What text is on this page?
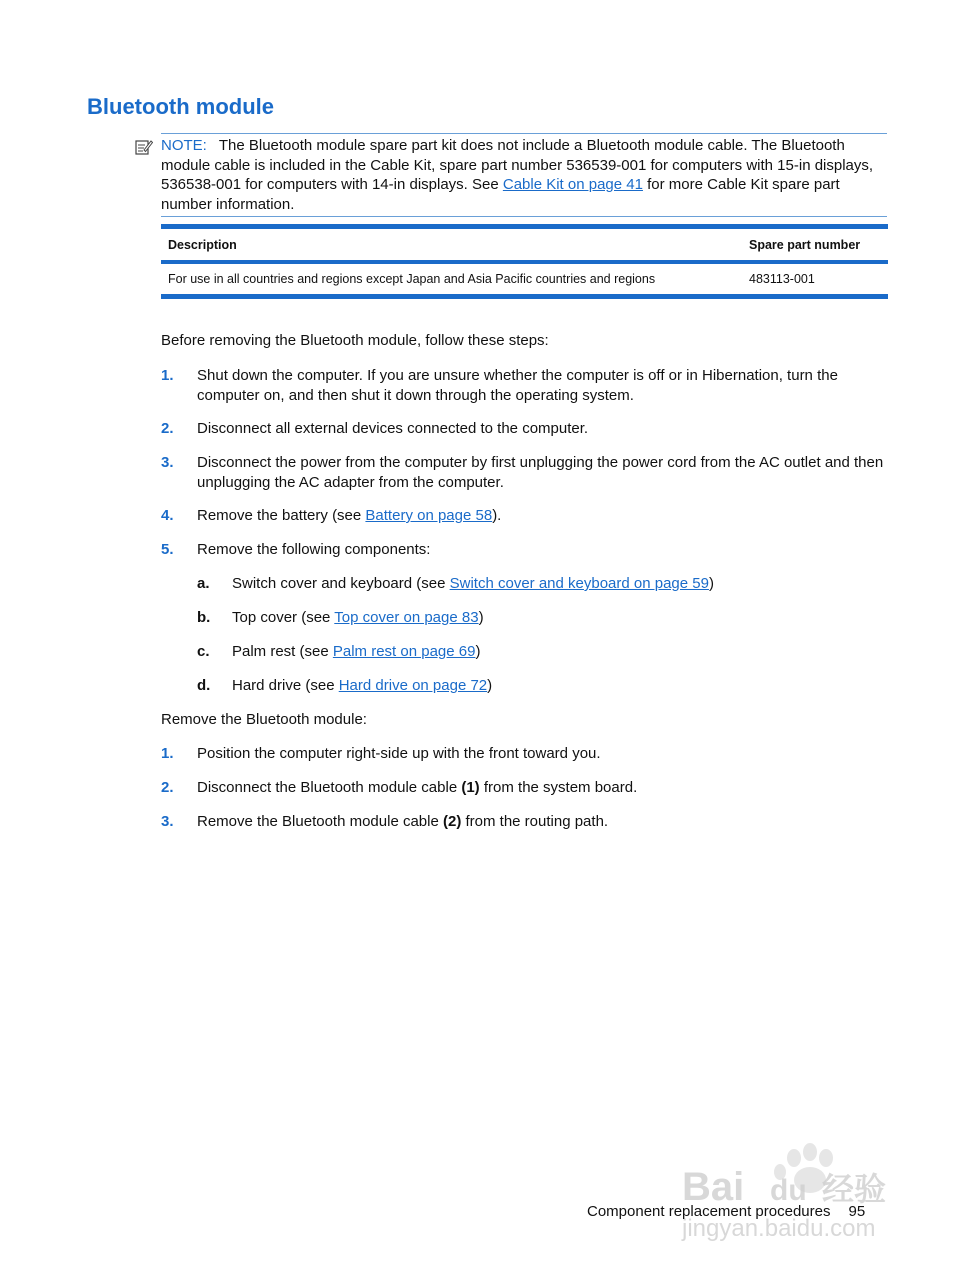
Bluetooth module
NOTE: The Bluetooth module spare part kit does not include a Bluetooth module cable. The Bluetooth module cable is included in the Cable Kit, spare part number 536539-001 for computers with 15-in displays, 536538-001 for computers with 14-in displays. See Cable Kit on page 41 for more Cable Kit spare part number information.
Description	Spare part number
For use in all countries and regions except Japan and Asia Pacific countries and regions	483113-001

Before removing the Bluetooth module, follow these steps:

1. Shut down the computer. If you are unsure whether the computer is off or in Hibernation, turn the computer on, and then shut it down through the operating system.
2. Disconnect all external devices connected to the computer.
3. Disconnect the power from the computer by first unplugging the power cord from the AC outlet and then unplugging the AC adapter from the computer.
4. Remove the battery (see Battery on page 58).
5. Remove the following components:
a. Switch cover and keyboard (see Switch cover and keyboard on page 59)
b. Top cover (see Top cover on page 83)
c. Palm rest (see Palm rest on page 69)
d. Hard drive (see Hard drive on page 72)

Remove the Bluetooth module:

1. Position the computer right-side up with the front toward you.
2. Disconnect the Bluetooth module cable (1) from the system board.
3. Remove the Bluetooth module cable (2) from the routing path.
Bai du 经验
jingyan.baidu.com
Component replacement procedures 95
